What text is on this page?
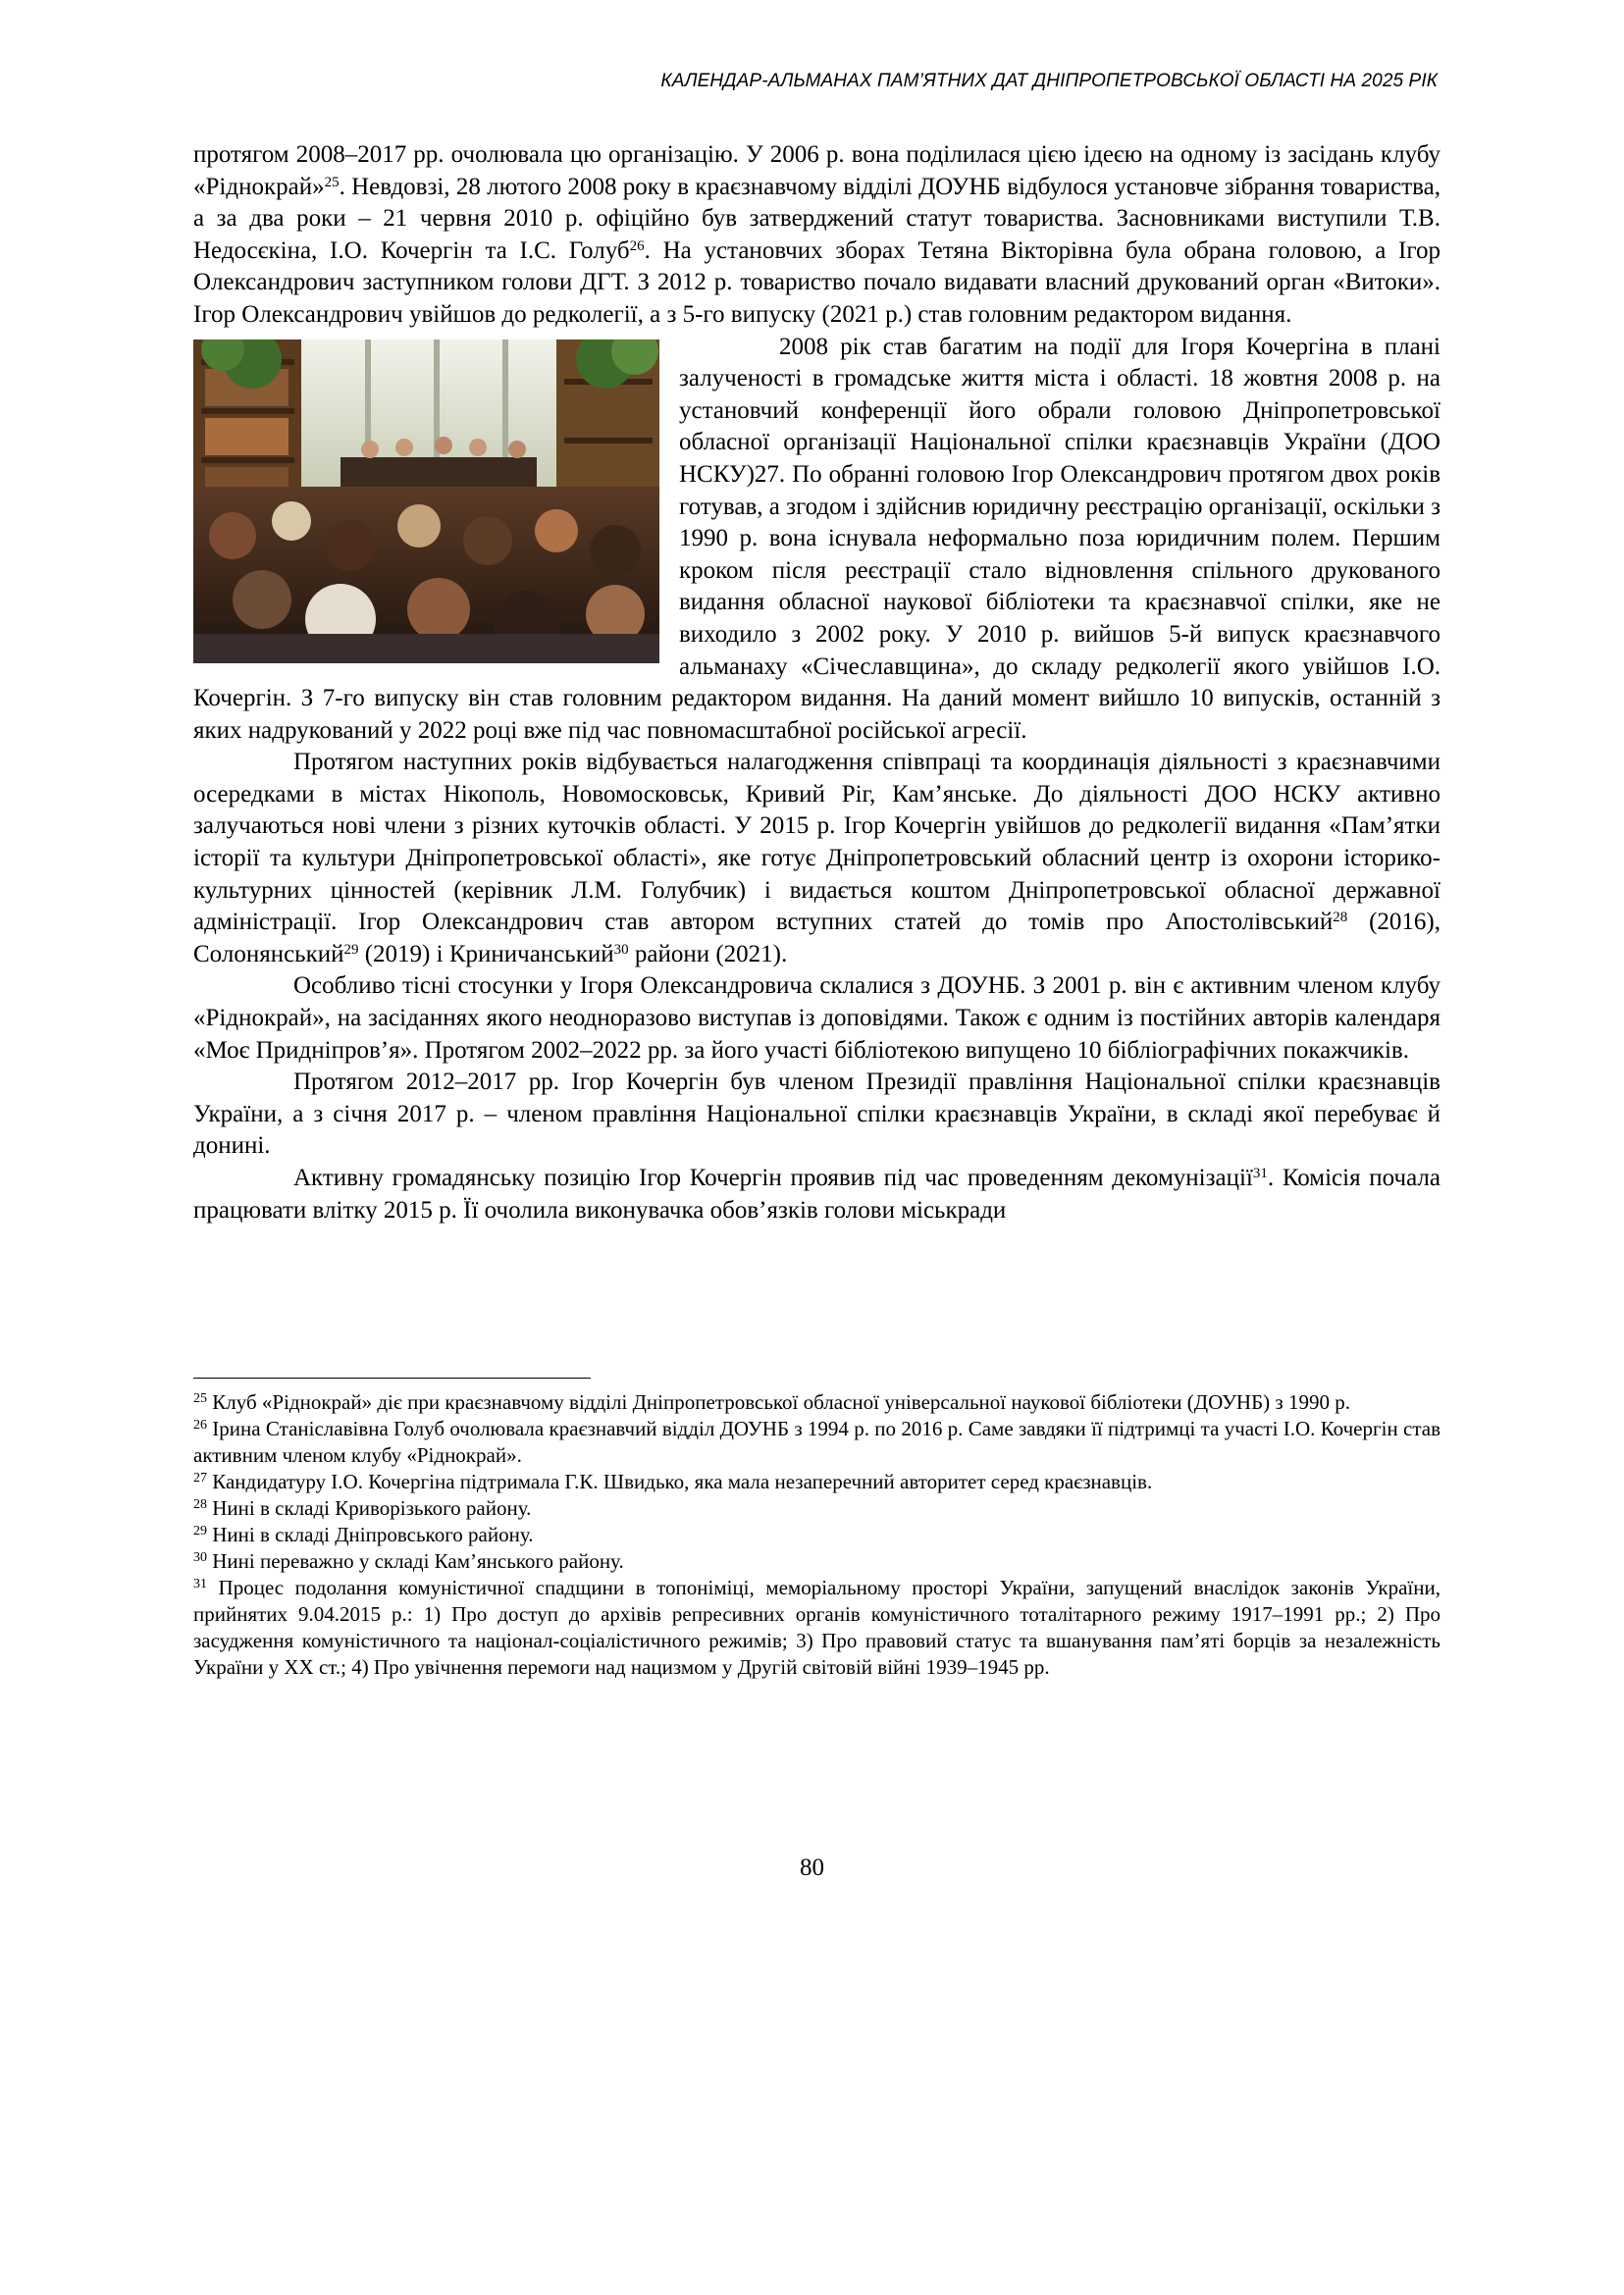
КАЛЕНДАР-АЛЬМАНАХ ПАМ’ЯТНИХ ДАТ ДНІПРОПЕТРОВСЬКОЇ ОБЛАСТІ НА 2025 РІК

протягом 2008–2017 рр. очолювала цю організацію. У 2006 р. вона поділилася цією ідеєю на одному із засідань клубу «Ріднокрай»$^{25}$. Невдовзі, 28 лютого 2008 року в краєзнавчому відділі ДОУНБ відбулося установче зібрання товариства, а за два роки – 21 червня 2010 р. офіційно був затверджений статут товариства. Засновниками виступили Т.В. Недосєкіна, І.О. Кочергін та І.С. Голуб$^{26}$. На установчих зборах Тетяна Вікторівна була обрана головою, а Ігор Олександрович заступником голови ДГТ. З 2012 р. товариство почало видавати власний друкований орган «Витоки». Ігор Олександрович увійшов до редколегії, а з 5-го випуску (2021 р.) став головним редактором видання.

2008 рік став багатим на події для Ігоря Кочергіна в плані залученості в громадське життя міста і області. 18 жовтня 2008 р. на установчий конференції його обрали головою Дніпропетровської обласної організації Національної спілки краєзнавців України (ДОО НСКУ)27. По обранні головою Ігор Олександрович протягом двох років готував, а згодом і здійснив юридичну реєстрацію організації, оскільки з 1990 р. вона існувала неформально поза юридичним полем. Першим кроком після реєстрації стало відновлення спільного друкованого видання обласної наукової бібліотеки та краєзнавчої спілки, яке не виходило з 2002 року. У 2010 р. вийшов 5-й випуск краєзнавчого альманаху «Січеславщина», до складу редколегії якого увійшов І.О. Кочергін. З 7-го випуску він став головним редактором видання. На даний момент вийшло 10 випусків, останній з яких надрукований у 2022 році вже під час повномасштабної російської агресії.

Протягом наступних років відбувається налагодження співпраці та координація діяльності з краєзнавчими осередками в містах Нікополь, Новомосковськ, Кривий Ріг, Кам’янське. До діяльності ДОО НСКУ активно залучаються нові члени з різних куточків області. У 2015 р. Ігор Кочергін увійшов до редколегії видання «Пам’ятки історії та культури Дніпропетровської області», яке готує Дніпропетровський обласний центр із охорони історико-культурних цінностей (керівник Л.М. Голубчик) і видається коштом Дніпропетровської обласної державної адміністрації. Ігор Олександрович став автором вступних статей до томів про Апостолівський$^{28}$ (2016), Солонянський$^{29}$ (2019) і Криничанський$^{30}$ райони (2021).

Особливо тісні стосунки у Ігоря Олександровича склалися з ДОУНБ. З 2001 р. він є активним членом клубу «Ріднокрай», на засіданнях якого неодноразово виступав із доповідями. Також є одним із постійних авторів календаря «Моє Придніпров’я». Протягом 2002–2022 рр. за його участі бібліотекою випущено 10 бібліографічних покажчиків.

Протягом 2012–2017 рр. Ігор Кочергін був членом Президії правління Національної спілки краєзнавців України, а з січня 2017 р. – членом правління Національної спілки краєзнавців України, в складі якої перебуває й донині.

Активну громадянську позицію Ігор Кочергін проявив під час проведенням декомунізації$^{31}$. Комісія почала працювати влітку 2015 р. Її очолила виконувачка обов’язків голови міськради

$^{25}$ Клуб «Ріднокрай» діє при краєзнавчому відділі Дніпропетровської обласної універсальної наукової бібліотеки (ДОУНБ) з 1990 р.

$^{26}$ Ірина Станіславівна Голуб очолювала краєзнавчий відділ ДОУНБ з 1994 р. по 2016 р. Саме завдяки її підтримці та участі І.О. Кочергін став активним членом клубу «Ріднокрай».

$^{27}$ Кандидатуру І.О. Кочергіна підтримала Г.К. Швидько, яка мала незаперечний авторитет серед краєзнавців.

$^{28}$ Нині в складі Криворізького району.

$^{29}$ Нині в складі Дніпровського району.

$^{30}$ Нині переважно у складі Кам’янського району.

$^{31}$ Процес подолання комуністичної спадщини в топоніміці, меморіальному просторі України, запущений внаслідок законів України, прийнятих 9.04.2015 р.: 1) Про доступ до архівів репресивних органів комуністичного тоталітарного режиму 1917–1991 рр.; 2) Про засудження комуністичного та націонал-соціалістичного режимів; 3) Про правовий статус та вшанування пам’яті борців за незалежність України у ХХ ст.; 4) Про увічнення перемоги над нацизмом у Другій світовій війні 1939–1945 рр.

80
